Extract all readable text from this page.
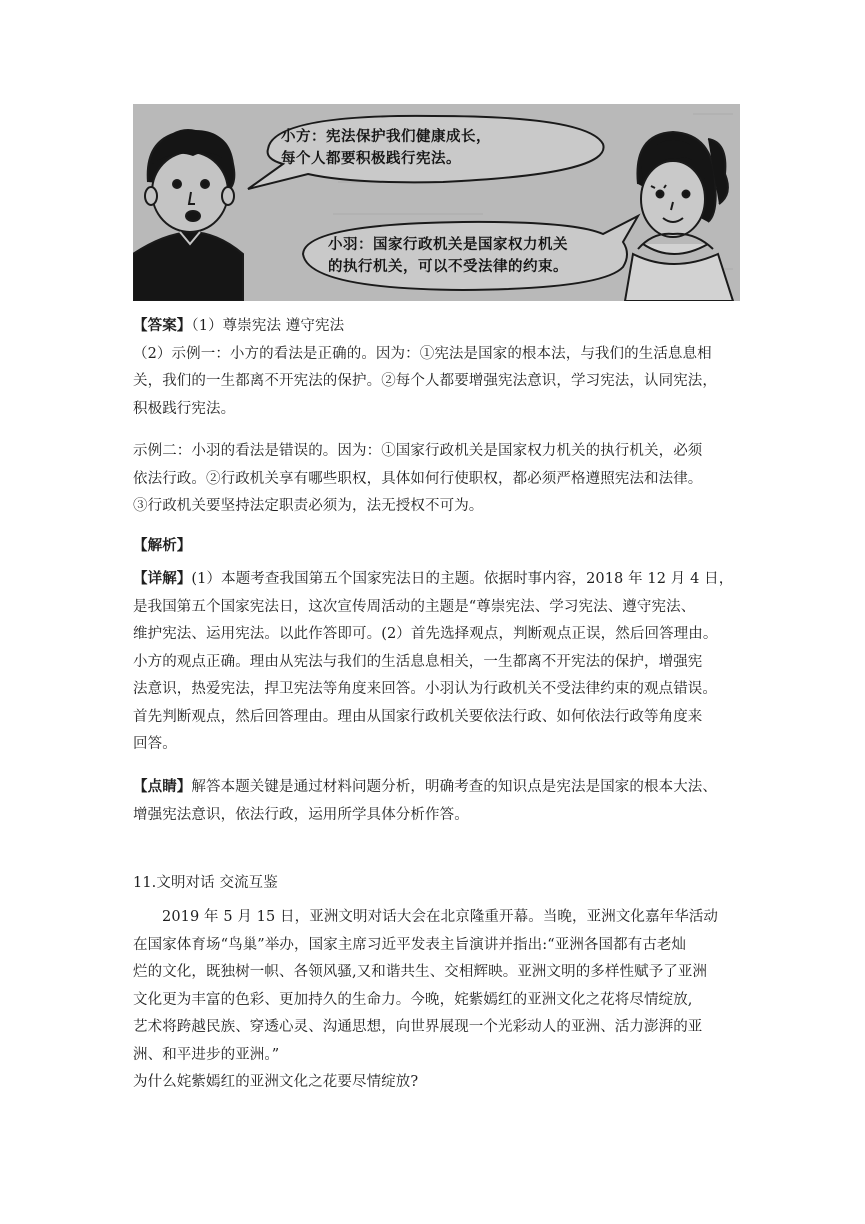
小方：宪法保护我们健康成长，
每个人都要积极践行宪法。
小羽：国家行政机关是国家权力机关
的执行机关，可以不受法律的约束。
【答案】（1）尊崇宪法 遵守宪法
（2）示例一：小方的看法是正确的。因为：①宪法是国家的根本法，与我们的生活息息相
关，我们的一生都离不开宪法的保护。②每个人都要增强宪法意识，学习宪法，认同宪法，
积极践行宪法。
示例二：小羽的看法是错误的。因为：①国家行政机关是国家权力机关的执行机关，必须
依法行政。②行政机关享有哪些职权，具体如何行使职权，都必须严格遵照宪法和法律。
③行政机关要坚持法定职责必须为，法无授权不可为。
【解析】
【详解】(1）本题考查我国第五个国家宪法日的主题。依据时事内容，2018 年 12 月 4 日，
是我国第五个国家宪法日，这次宣传周活动的主题是“尊崇宪法、学习宪法、遵守宪法、
维护宪法、运用宪法。以此作答即可。(2）首先选择观点，判断观点正误，然后回答理由。
小方的观点正确。理由从宪法与我们的生活息息相关，一生都离不开宪法的保护，增强宪
法意识，热爱宪法，捍卫宪法等角度来回答。小羽认为行政机关不受法律约束的观点错误。
首先判断观点，然后回答理由。理由从国家行政机关要依法行政、如何依法行政等角度来
回答。
【点睛】解答本题关键是通过材料问题分析，明确考查的知识点是宪法是国家的根本大法、
增强宪法意识，依法行政，运用所学具体分析作答。
11.文明对话 交流互鉴
2019 年 5 月 15 日，亚洲文明对话大会在北京隆重开幕。当晚，亚洲文化嘉年华活动
在国家体育场“鸟巢”举办，国家主席习近平发表主旨演讲并指出:“亚洲各国都有古老灿
烂的文化，既独树一帜、各领风骚,又和谐共生、交相辉映。亚洲文明的多样性赋予了亚洲
文化更为丰富的色彩、更加持久的生命力。今晚，姹紫嫣红的亚洲文化之花将尽情绽放,
艺术将跨越民族、穿透心灵、沟通思想，向世界展现一个光彩动人的亚洲、活力澎湃的亚
洲、和平进步的亚洲。”
为什么姹紫嫣红的亚洲文化之花要尽情绽放?
